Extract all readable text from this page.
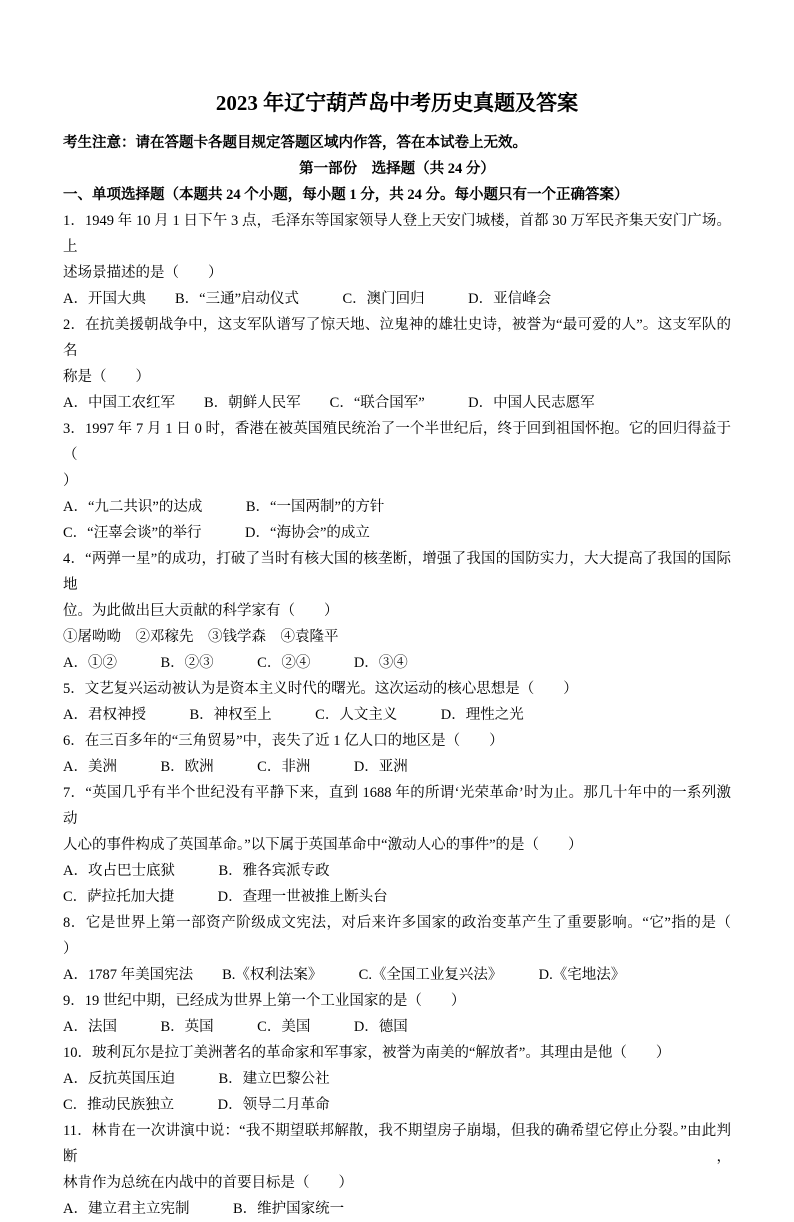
2023 年辽宁葫芦岛中考历史真题及答案

考生注意：请在答题卡各题目规定答题区域内作答，答在本试卷上无效。

第一部份　选择题（共 24 分）

一、单项选择题（本题共 24 个小题，每小题 1 分，共 24 分。每小题只有一个正确答案）

1．1949 年 10 月 1 日下午 3 点，毛泽东等国家领导人登上天安门城楼，首都 30 万军民齐集天安门广场。上

述场景描述的是（　　）

A．开国大典　　B．“三通”启动仪式　　　C．澳门回归　　　D．亚信峰会

2．在抗美援朝战争中，这支军队谱写了惊天地、泣鬼神的雄壮史诗，被誉为“最可爱的人”。这支军队的名

称是（　　）

A．中国工农红军　　B．朝鲜人民军　　C．“联合国军”　　　D．中国人民志愿军

3．1997 年 7 月 1 日 0 时，香港在被英国殖民统治了一个半世纪后，终于回到祖国怀抱。它的回归得益于（

）

A．“九二共识”的达成　　　B．“一国两制”的方针

C．“汪辜会谈”的举行　　　D．“海协会”的成立

4．“两弹一星”的成功，打破了当时有核大国的核垄断，增强了我国的国防实力，大大提高了我国的国际地

位。为此做出巨大贡献的科学家有（　　）

①屠呦呦　②邓稼先　③钱学森　④袁隆平

A．①②　　　B．②③　　　C．②④　　　D．③④

5．文艺复兴运动被认为是资本主义时代的曙光。这次运动的核心思想是（　　）

A．君权神授　　　B．神权至上　　　C．人文主义　　　D．理性之光

6．在三百多年的“三角贸易”中，丧失了近 1 亿人口的地区是（　　）

A．美洲　　　B．欧洲　　　C．非洲　　　D．亚洲

7．“英国几乎有半个世纪没有平静下来，直到 1688 年的所谓‘光荣革命’时为止。那几十年中的一系列激动

人心的事件构成了英国革命。”以下属于英国革命中“激动人心的事件”的是（　　）

A．攻占巴士底狱　　　B．雅各宾派专政

C．萨拉托加大捷　　　D．查理一世被推上断头台

8．它是世界上第一部资产阶级成文宪法，对后来许多国家的政治变革产生了重要影响。“它”指的是（

）

A．1787 年美国宪法　　B.《权利法案》　　　C.《全国工业复兴法》　　　D.《宅地法》

9．19 世纪中期，已经成为世界上第一个工业国家的是（　　）

A．法国　　　B．英国　　　C．美国　　　D．德国

10．玻利瓦尔是拉丁美洲著名的革命家和军事家，被誉为南美的“解放者”。其理由是他（　　）

A．反抗英国压迫　　　B．建立巴黎公社

C．推动民族独立　　　D．领导二月革命

11．林肯在一次讲演中说：“我不期望联邦解散，我不期望房子崩塌，但我的确希望它停止分裂。”由此判断，

林肯作为总统在内战中的首要目标是（　　）

A．建立君主立宪制　　　B．维护国家统一
